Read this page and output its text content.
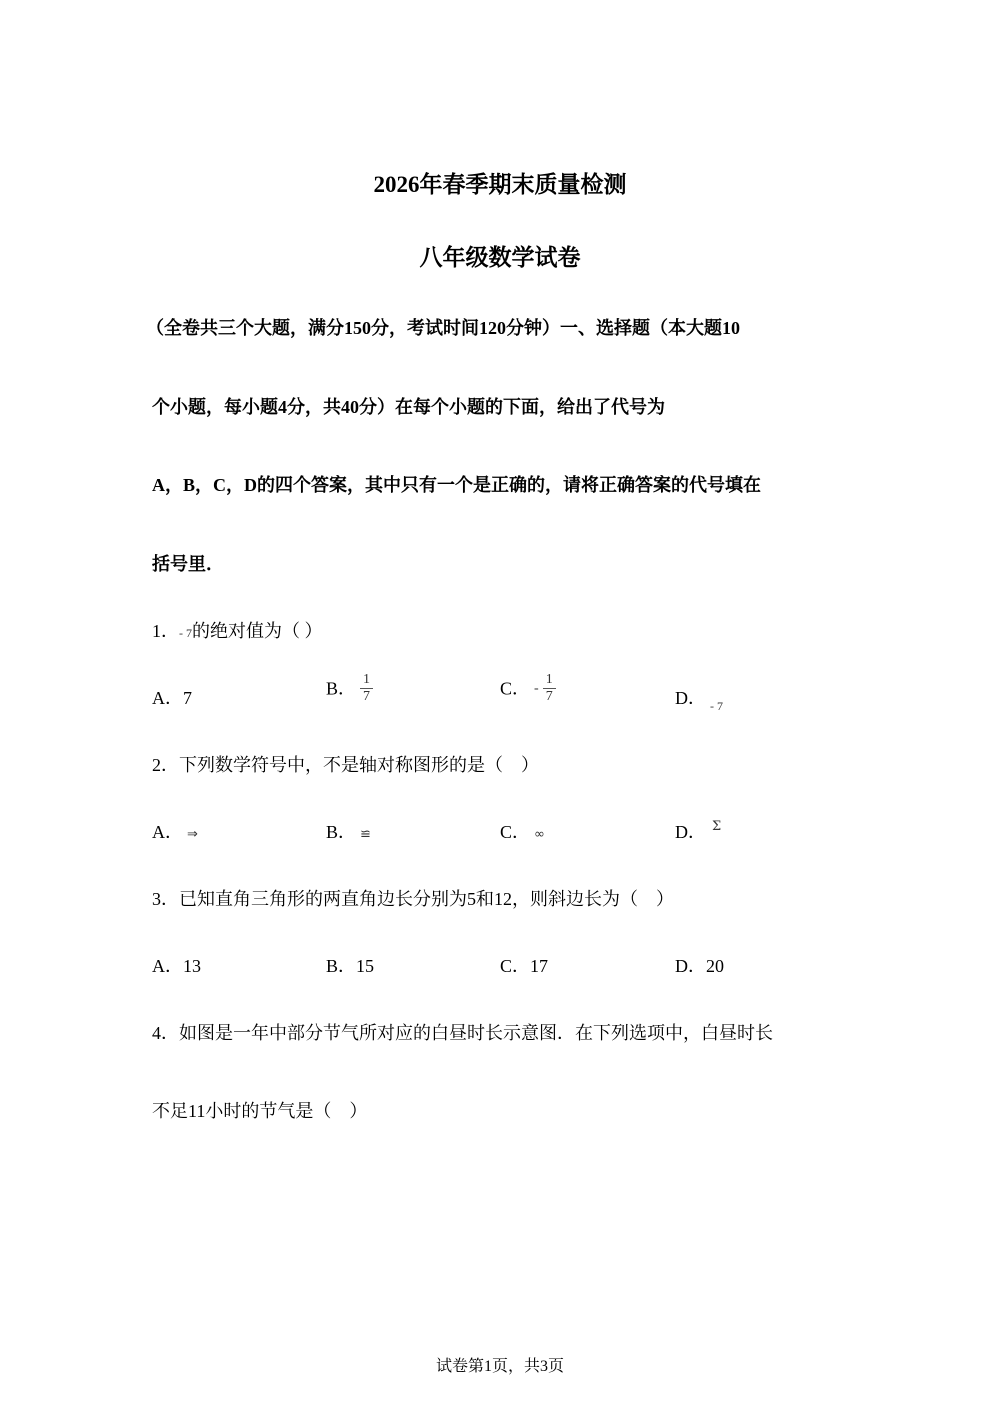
2026年春季期末质量检测
八年级数学试卷
（全卷共三个大题，满分150分，考试时间120分钟）一、选择题（本大题10
个小题，每小题4分，共40分）在每个小题的下面，给出了代号为
A，B，C，D的四个答案，其中只有一个是正确的，请将正确答案的代号填在
括号里．
1．- 7的绝对值为（ ）
A．7	B． $\frac{1}{7}$	C． - $\frac{1}{7}$	D． $_{- 7}$
2．下列数学符号中，不是轴对称图形的是（　）
A． ⇒	B． ≌	C． ∞	D． $^\Sigma$
3．已知直角三角形的两直角边长分别为5和12，则斜边长为（　）
A．13	B．15	C．17	D．20
4．如图是一年中部分节气所对应的白昼时长示意图．在下列选项中，白昼时长
不足11小时的节气是（　）
试卷第1页，共3页
